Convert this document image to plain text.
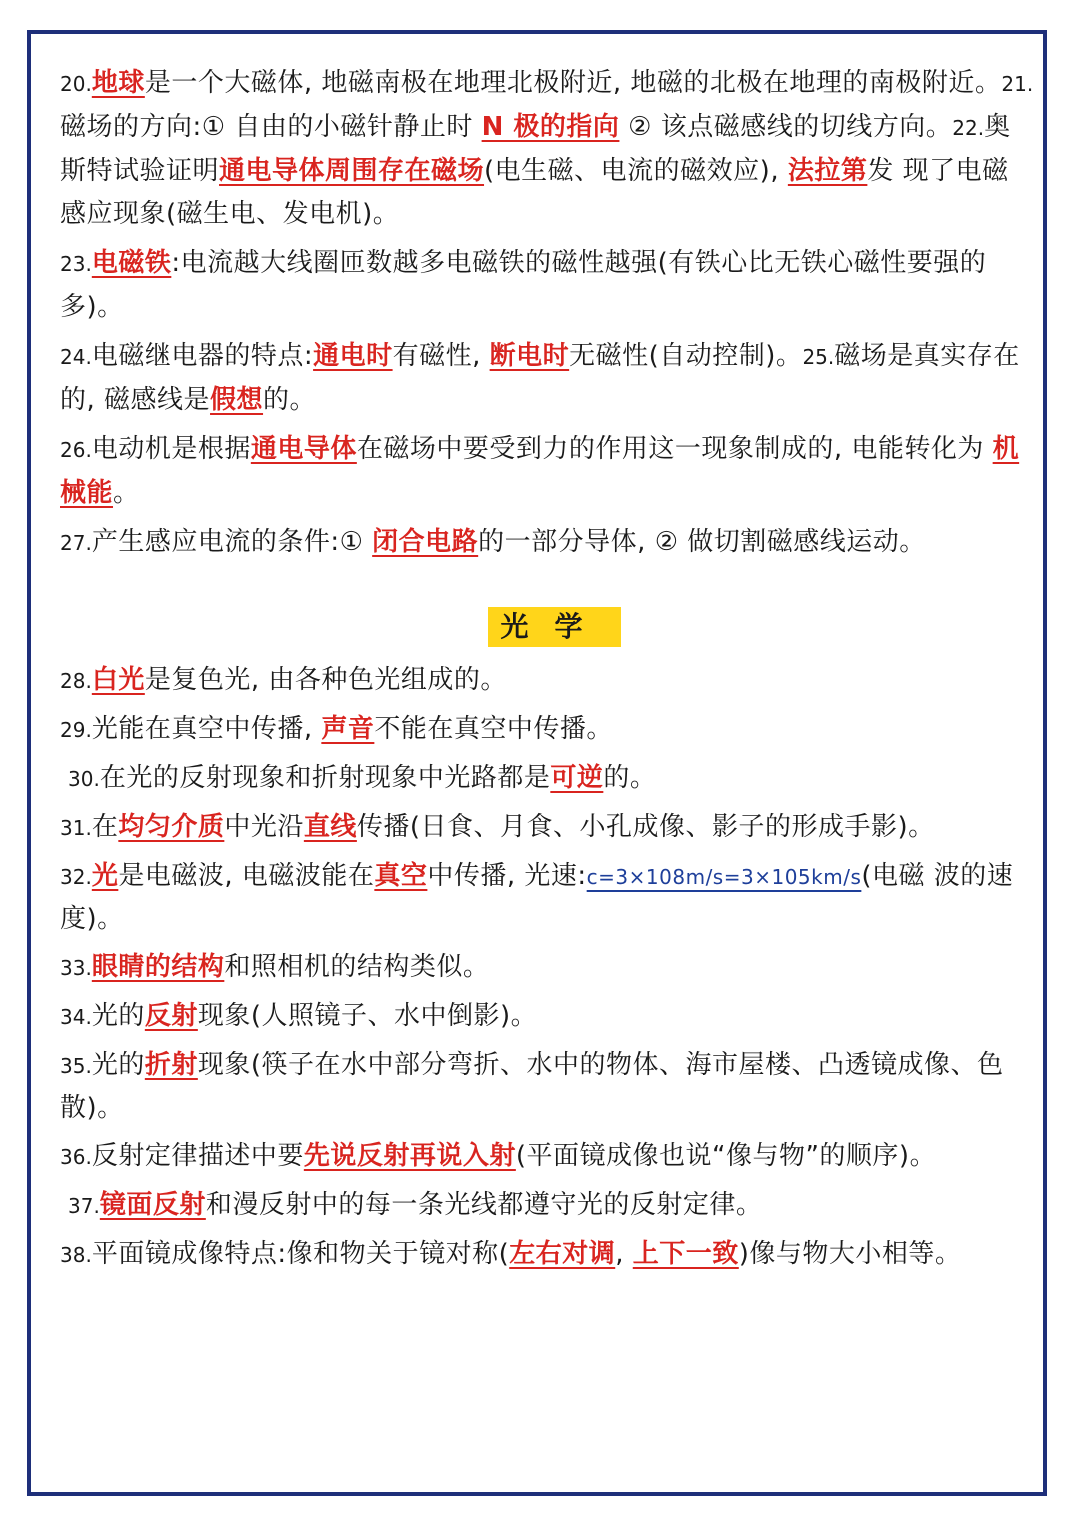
20.地球是一个大磁体, 地磁南极在地理北极附近, 地磁的北极在地理的南极附近。21.磁场的方向:① 自由的小磁针静止时 N 极的指向 ② 该点磁感线的切线方向。22.奥斯特试验证明通电导体周围存在磁场(电生磁、电流的磁效应), 法拉第发 现了电磁感应现象(磁生电、发电机)。

23.电磁铁:电流越大线圈匝数越多电磁铁的磁性越强(有铁心比无铁心磁性要强的多)。

24.电磁继电器的特点:通电时有磁性, 断电时无磁性(自动控制)。25.磁场是真实存在的, 磁感线是假想的。

26.电动机是根据通电导体在磁场中要受到力的作用这一现象制成的, 电能转化为 机械能。

27.产生感应电流的条件:① 闭合电路的一部分导体, ② 做切割磁感线运动。

光学

28.白光是复色光, 由各种色光组成的。

29.光能在真空中传播, 声音不能在真空中传播。

30.在光的反射现象和折射现象中光路都是可逆的。

31.在均匀介质中光沿直线传播(日食、月食、小孔成像、影子的形成手影)。

32.光是电磁波, 电磁波能在真空中传播, 光速:c=3×108m/s=3×105km/s(电磁 波的速度)。

33.眼睛的结构和照相机的结构类似。

34.光的反射现象(人照镜子、水中倒影)。

35.光的折射现象(筷子在水中部分弯折、水中的物体、海市屋楼、凸透镜成像、色散)。

36.反射定律描述中要先说反射再说入射(平面镜成像也说“像与物”的顺序)。

37.镜面反射和漫反射中的每一条光线都遵守光的反射定律。

38.平面镜成像特点:像和物关于镜对称(左右对调, 上下一致)像与物大小相等。
